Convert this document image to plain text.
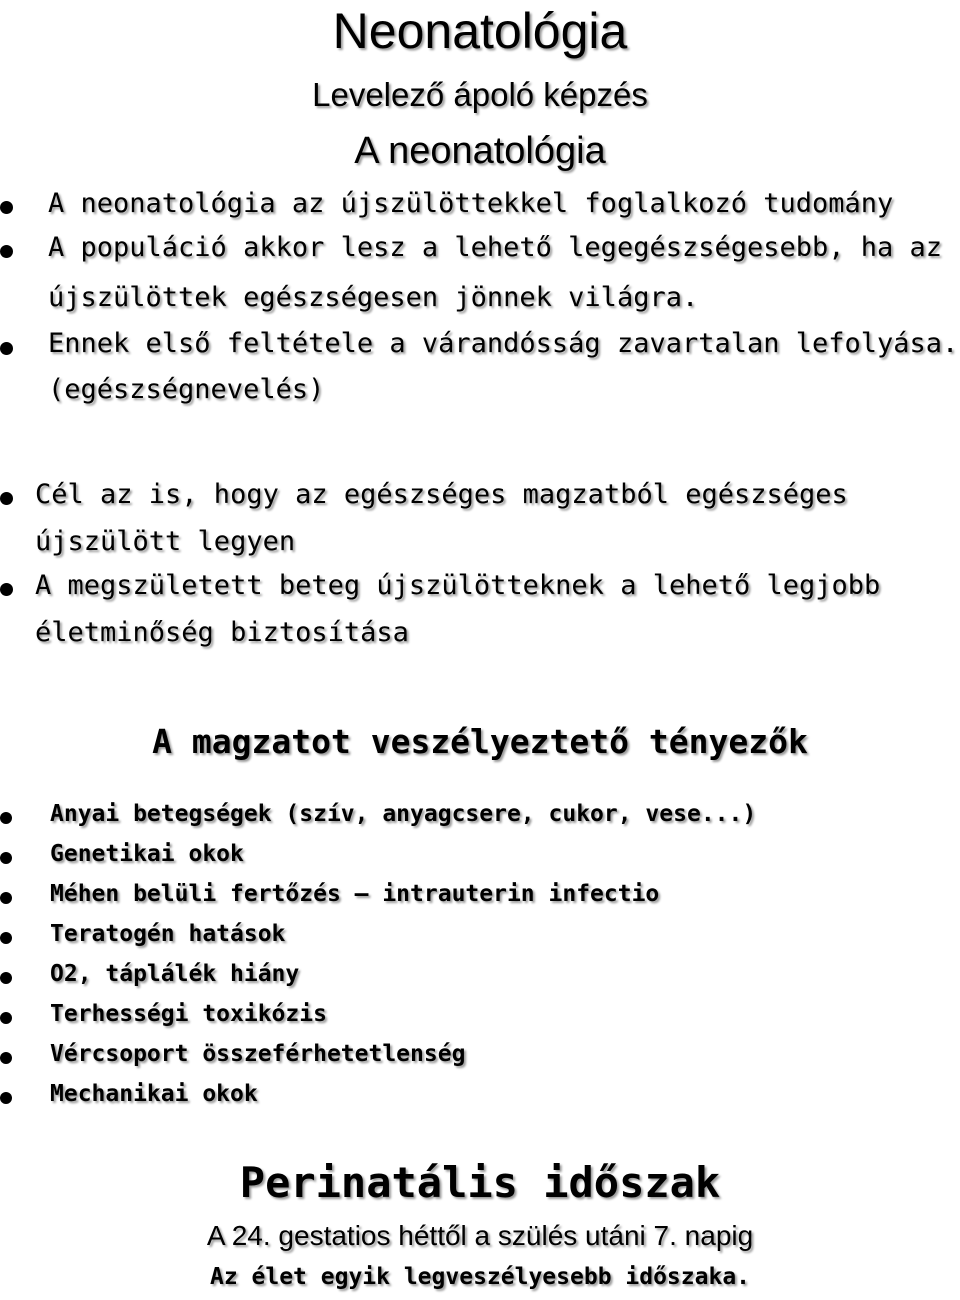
Neonatológia
Levelező ápoló képzés
A neonatológia
A neonatológia az újszülöttekkel foglalkozó tudomány
A populáció akkor lesz a lehető legegészségesebb, ha az
újszülöttek egészségesen jönnek világra.
Ennek első feltétele a várandósság zavartalan lefolyása.
(egészségnevelés)
Cél az is, hogy az egészséges magzatból egészséges
újszülött legyen
A megszületett beteg újszülötteknek a lehető legjobb
életminőség biztosítása
A magzatot veszélyeztető tényezők
Anyai betegségek (szív, anyagcsere, cukor, vese...)
Genetikai okok
Méhen belüli fertőzés – intrauterin infectio
Teratogén hatások
O2, táplálék hiány
Terhességi toxikózis
Vércsoport összeférhetetlenség
Mechanikai okok
Perinatális időszak
A 24. gestatios héttől a szülés utáni 7. napig
Az élet egyik legveszélyesebb időszaka.
